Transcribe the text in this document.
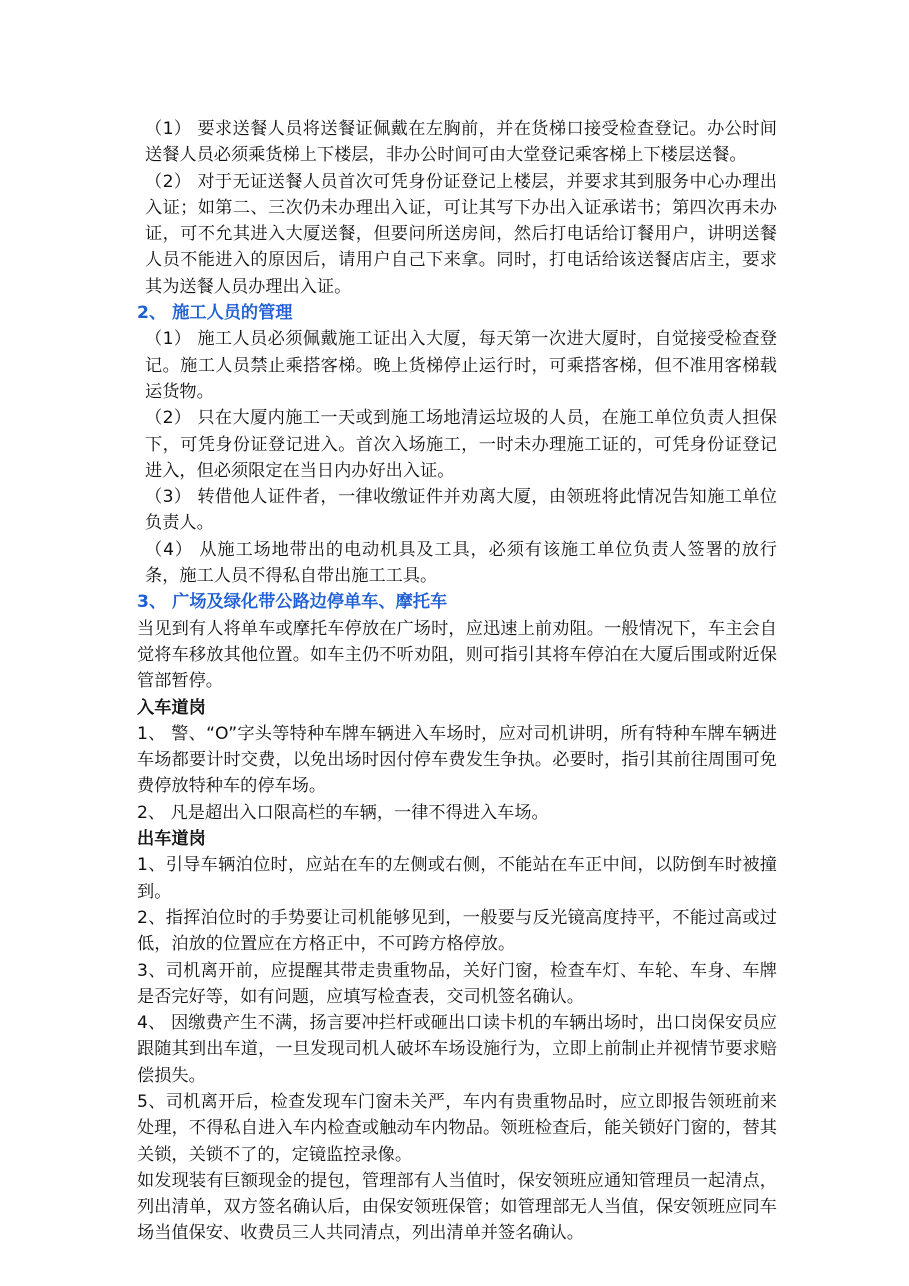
（1） 要求送餐人员将送餐证佩戴在左胸前，并在货梯口接受检查登记。办公时间送餐人员必须乘货梯上下楼层，非办公时间可由大堂登记乘客梯上下楼层送餐。

（2） 对于无证送餐人员首次可凭身份证登记上楼层，并要求其到服务中心办理出入证；如第二、三次仍未办理出入证，可让其写下办出入证承诺书；第四次再未办证，可不允其进入大厦送餐，但要问所送房间，然后打电话给订餐用户，讲明送餐人员不能进入的原因后，请用户自己下来拿。同时，打电话给该送餐店店主，要求其为送餐人员办理出入证。

2、 施工人员的管理

（1） 施工人员必须佩戴施工证出入大厦，每天第一次进大厦时，自觉接受检查登记。施工人员禁止乘搭客梯。晚上货梯停止运行时，可乘搭客梯，但不准用客梯载运货物。

（2） 只在大厦内施工一天或到施工场地清运垃圾的人员，在施工单位负责人担保下，可凭身份证登记进入。首次入场施工，一时未办理施工证的，可凭身份证登记进入，但必须限定在当日内办好出入证。

（3） 转借他人证件者，一律收缴证件并劝离大厦，由领班将此情况告知施工单位负责人。

（4） 从施工场地带出的电动机具及工具，必须有该施工单位负责人签署的放行条，施工人员不得私自带出施工工具。

3、 广场及绿化带公路边停单车、摩托车

当见到有人将单车或摩托车停放在广场时，应迅速上前劝阻。一般情况下，车主会自觉将车移放其他位置。如车主仍不听劝阻，则可指引其将车停泊在大厦后围或附近保管部暂停。

入车道岗

1、 警、“O”字头等特种车牌车辆进入车场时，应对司机讲明，所有特种车牌车辆进车场都要计时交费，以免出场时因付停车费发生争执。必要时，指引其前往周围可免费停放特种车的停车场。

2、 凡是超出入口限高栏的车辆，一律不得进入车场。

出车道岗

1、引导车辆泊位时，应站在车的左侧或右侧，不能站在车正中间，以防倒车时被撞到。

2、指挥泊位时的手势要让司机能够见到，一般要与反光镜高度持平，不能过高或过低，泊放的位置应在方格正中，不可跨方格停放。

3、司机离开前，应提醒其带走贵重物品，关好门窗，检查车灯、车轮、车身、车牌是否完好等，如有问题，应填写检查表，交司机签名确认。

4、 因缴费产生不满，扬言要冲拦杆或砸出口读卡机的车辆出场时，出口岗保安员应跟随其到出车道，一旦发现司机人破坏车场设施行为，立即上前制止并视情节要求赔偿损失。

5、司机离开后，检查发现车门窗未关严，车内有贵重物品时，应立即报告领班前来处理，不得私自进入车内检查或触动车内物品。领班检查后，能关锁好门窗的，替其关锁，关锁不了的，定镜监控录像。

如发现装有巨额现金的提包，管理部有人当值时，保安领班应通知管理员一起清点，列出清单，双方签名确认后，由保安领班保管；如管理部无人当值，保安领班应同车场当值保安、收费员三人共同清点，列出清单并签名确认。
